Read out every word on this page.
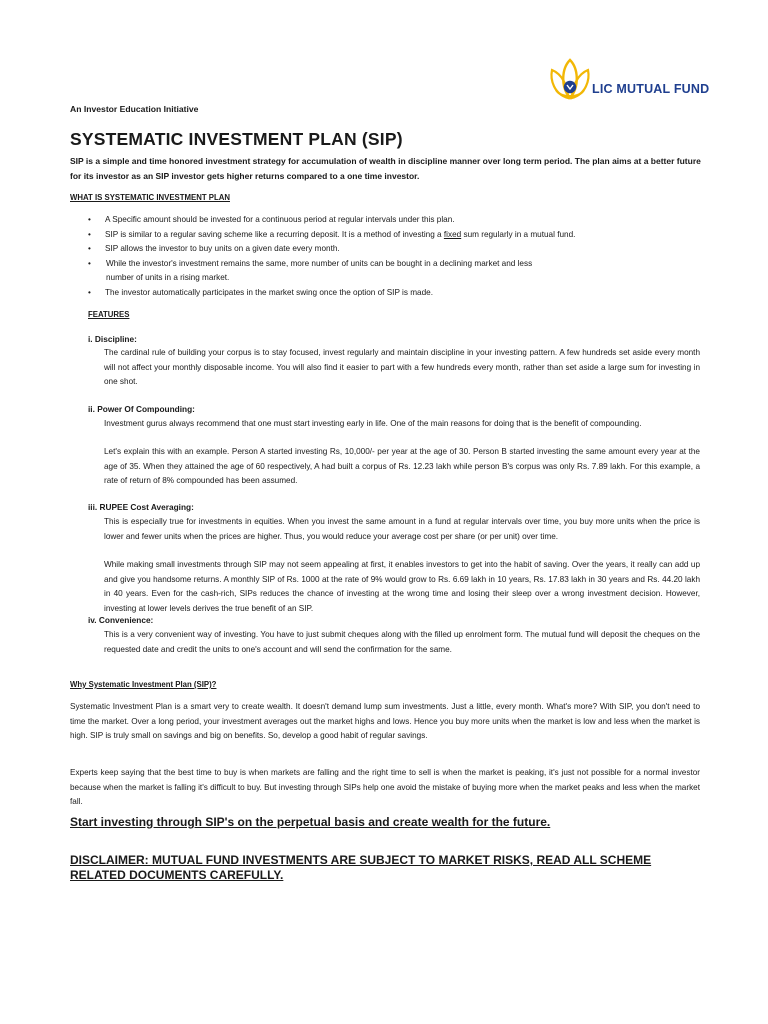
LIC MUTUAL FUND
An Investor Education Initiative
SYSTEMATIC INVESTMENT PLAN (SIP)
SIP is a simple and time honored investment strategy for accumulation of wealth in discipline manner over long term period. The plan aims at a better future for its investor as an SIP investor gets higher returns compared to a one time investor.
WHAT IS SYSTEMATIC INVESTMENT PLAN
• A Specific amount should be invested for a continuous period at regular intervals under this plan.
• SIP is similar to a regular saving scheme like a recurring deposit. It is a method of investing a fixed sum regularly in a mutual fund.
• SIP allows the investor to buy units on a given date every month.
• While the investor's investment remains the same, more number of units can be bought in a declining market and less
number of units in a rising market.
• The investor automatically participates in the market swing once the option of SIP is made.
FEATURES
i. Discipline:
The cardinal rule of building your corpus is to stay focused, invest regularly and maintain discipline in your investing pattern. A few hundreds set aside every month will not affect your monthly disposable income. You will also find it easier to part with a few hundreds every month, rather than set aside a large sum for investing in one shot.
ii. Power Of Compounding:
Investment gurus always recommend that one must start investing early in life. One of the main reasons for doing that is the benefit of compounding.
Let's explain this with an example. Person A started investing Rs, 10,000/- per year at the age of 30. Person B started investing the same amount every year at the age of 35. When they attained the age of 60 respectively, A had built a corpus of Rs. 12.23 lakh while person B's corpus was only Rs. 7.89 lakh. For this example, a rate of return of 8% compounded has been assumed.
iii. RUPEE Cost Averaging:
This is especially true for investments in equities. When you invest the same amount in a fund at regular intervals over time, you buy more units when the price is lower and fewer units when the prices are higher. Thus, you would reduce your average cost per share (or per unit) over time.
While making small investments through SIP may not seem appealing at first, it enables investors to get into the habit of saving. Over the years, it really can add up and give you handsome returns. A monthly SIP of Rs. 1000 at the rate of 9% would grow to Rs. 6.69 lakh in 10 years, Rs. 17.83 lakh in 30 years and Rs. 44.20 lakh in 40 years. Even for the cash-rich, SIPs reduces the chance of investing at the wrong time and losing their sleep over a wrong investment decision. However, investing at lower levels derives the true benefit of an SIP.
iv. Convenience:
This is a very convenient way of investing. You have to just submit cheques along with the filled up enrolment form. The mutual fund will deposit the cheques on the requested date and credit the units to one's account and will send the confirmation for the same.
Why Systematic Investment Plan (SIP)?
Systematic Investment Plan is a smart very to create wealth. It doesn't demand lump sum investments. Just a little, every month. What's more? With SIP, you don't need to time the market. Over a long period, your investment averages out the market highs and lows. Hence you buy more units when the market is low and less when the market is high. SIP is truly small on savings and big on benefits. So, develop a good habit of regular savings.
Experts keep saying that the best time to buy is when markets are falling and the right time to sell is when the market is peaking, it's just not possible for a normal investor because when the market is falling it's difficult to buy. But investing through SIPs help one avoid the mistake of buying more when the market peaks and less when the market fall.
Start investing through SIP's on the perpetual basis and create wealth for the future.
DISCLAIMER: MUTUAL FUND INVESTMENTS ARE SUBJECT TO MARKET RISKS, READ ALL SCHEME RELATED DOCUMENTS CAREFULLY.
